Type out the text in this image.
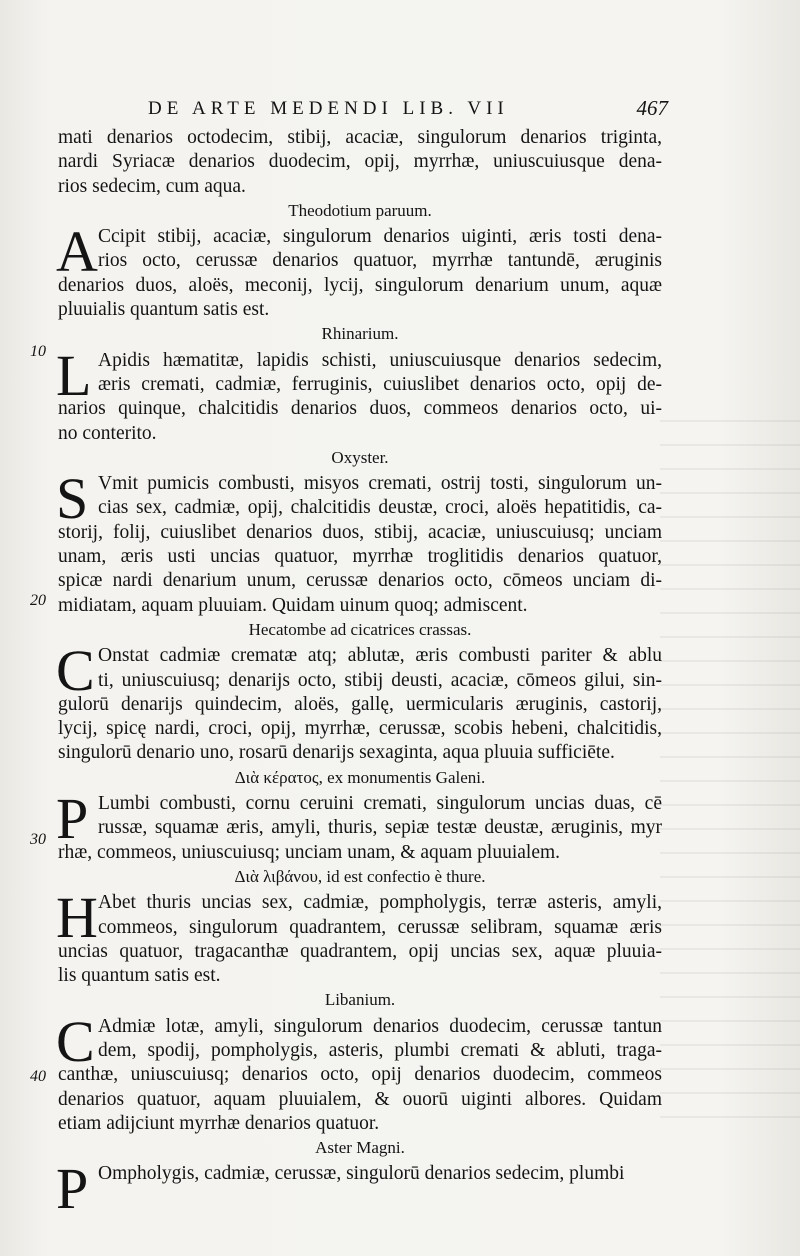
DE ARTE MEDENDI LIB. VII	467
10
20
30
40
mati denarios octodecim, stibij, acaciæ, singulorum denarios triginta,
nardi Syriacæ denarios duodecim, opij, myrrhæ, uniuscuiusque dena-
rios sedecim, cum aqua.
Theodotium paruum.
A Ccipit stibij, acaciæ, singulorum denarios uiginti, æris tosti dena-
rios octo, cerussæ denarios quatuor, myrrhæ tantundē, æruginis
denarios duos, aloës, meconij, lycij, singulorum denarium unum, aquæ
pluuialis quantum satis est.
Rhinarium.
L Apidis hæmatitæ, lapidis schisti, uniuscuiusque denarios sedecim,
æris cremati, cadmiæ, ferruginis, cuiuslibet denarios octo, opij de-
narios quinque, chalcitidis denarios duos, commeos denarios octo, ui-
no conterito.
Oxyster.
S Vmit pumicis combusti, misyos cremati, ostrij tosti, singulorum un-
cias sex, cadmiæ, opij, chalcitidis deustæ, croci, aloës hepatitidis, ca-
storij, folij, cuiuslibet denarios duos, stibij, acaciæ, uniuscuiusq; unciam
unam, æris usti uncias quatuor, myrrhæ troglitidis denarios quatuor,
spicæ nardi denarium unum, cerussæ denarios octo, cōmeos unciam di-
midiatam, aquam pluuiam. Quidam uinum quoq; admiscent.
Hecatombe ad cicatrices crassas.
C Onstat cadmiæ crematæ atq; ablutæ, æris combusti pariter & ablu
ti, uniuscuiusq; denarijs octo, stibij deusti, acaciæ, cōmeos gilui, sin-
gulorū denarijs quindecim, aloës, gallę, uermicularis æruginis, castorij,
lycij, spicę nardi, croci, opij, myrrhæ, cerussæ, scobis hebeni, chalcitidis,
singulorū denario uno, rosarū denarijs sexaginta, aqua pluuia sufficiēte.
Διὰ κέρατος, ex monumentis Galeni.
P Lumbi combusti, cornu ceruini cremati, singulorum uncias duas, cē
russæ, squamæ æris, amyli, thuris, sepiæ testæ deustæ, æruginis, myr
rhæ, commeos, uniuscuiusq; unciam unam, & aquam pluuialem.
Διὰ λιβάνου, id est confectio è thure.
H Abet thuris uncias sex, cadmiæ, pompholygis, terræ asteris, amyli,
commeos, singulorum quadrantem, cerussæ selibram, squamæ æris
uncias quatuor, tragacanthæ quadrantem, opij uncias sex, aquæ pluuia-
lis quantum satis est.
Libanium.
C Admiæ lotæ, amyli, singulorum denarios duodecim, cerussæ tantun
dem, spodij, pompholygis, asteris, plumbi cremati & abluti, traga-
canthæ, uniuscuiusq; denarios octo, opij denarios duodecim, commeos
denarios quatuor, aquam pluuialem, & ouorū uiginti albores. Quidam
etiam adijciunt myrrhæ denarios quatuor.
Aster Magni.
P Ompholygis, cadmiæ, cerussæ, singulorū denarios sedecim, plumbi
